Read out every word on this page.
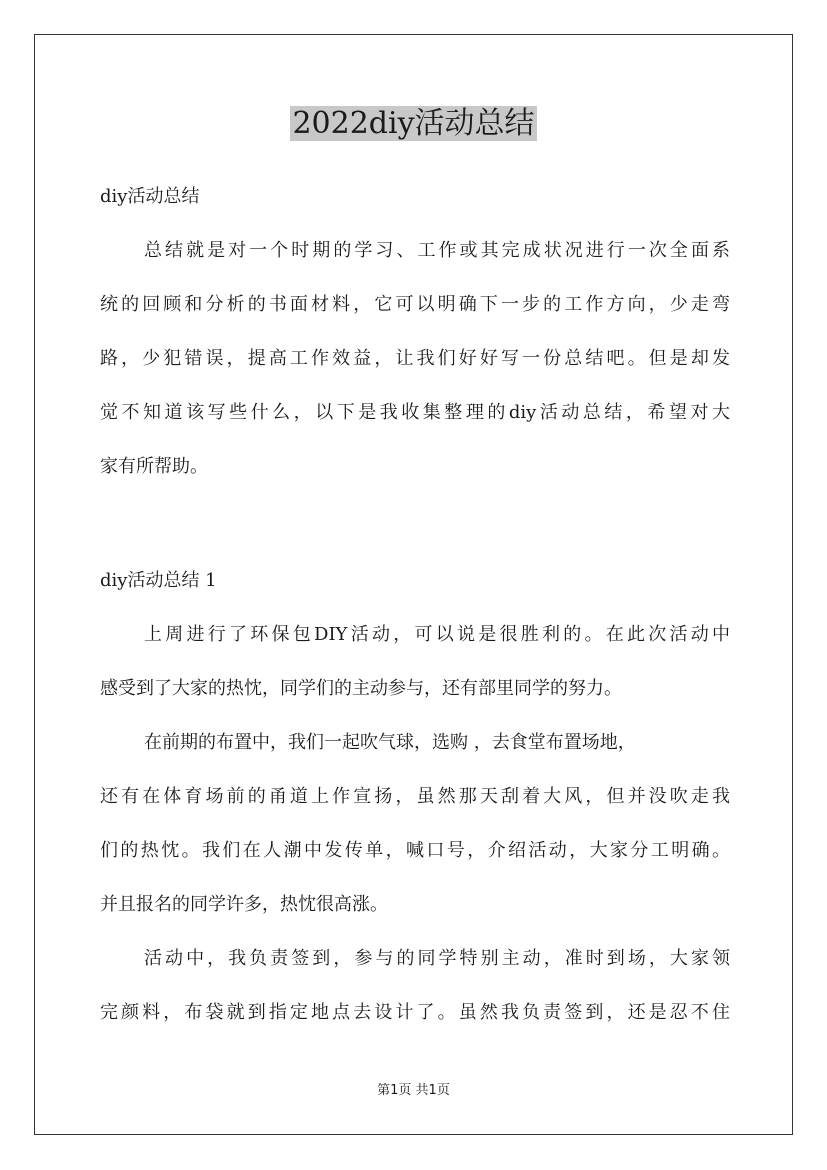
2022diy活动总结
diy活动总结
总结就是对一个时期的学习、工作或其完成状况进行一次全面系
统的回顾和分析的书面材料，它可以明确下一步的工作方向，少走弯
路，少犯错误，提高工作效益，让我们好好写一份总结吧。但是却发
觉不知道该写些什么，以下是我收集整理的diy活动总结，希望对大
家有所帮助。
diy活动总结 1
上周进行了环保包DIY活动，可以说是很胜利的。在此次活动中
感受到了大家的热忱，同学们的主动参与，还有部里同学的努力。
在前期的布置中，我们一起吹气球，选购 ，去食堂布置场地，
还有在体育场前的甬道上作宣扬，虽然那天刮着大风，但并没吹走我
们的热忱。我们在人潮中发传单，喊口号，介绍活动，大家分工明确。
并且报名的同学许多，热忱很高涨。
活动中，我负责签到，参与的同学特别主动，准时到场，大家领
完颜料，布袋就到指定地点去设计了。虽然我负责签到，还是忍不住
第1页 共1页
